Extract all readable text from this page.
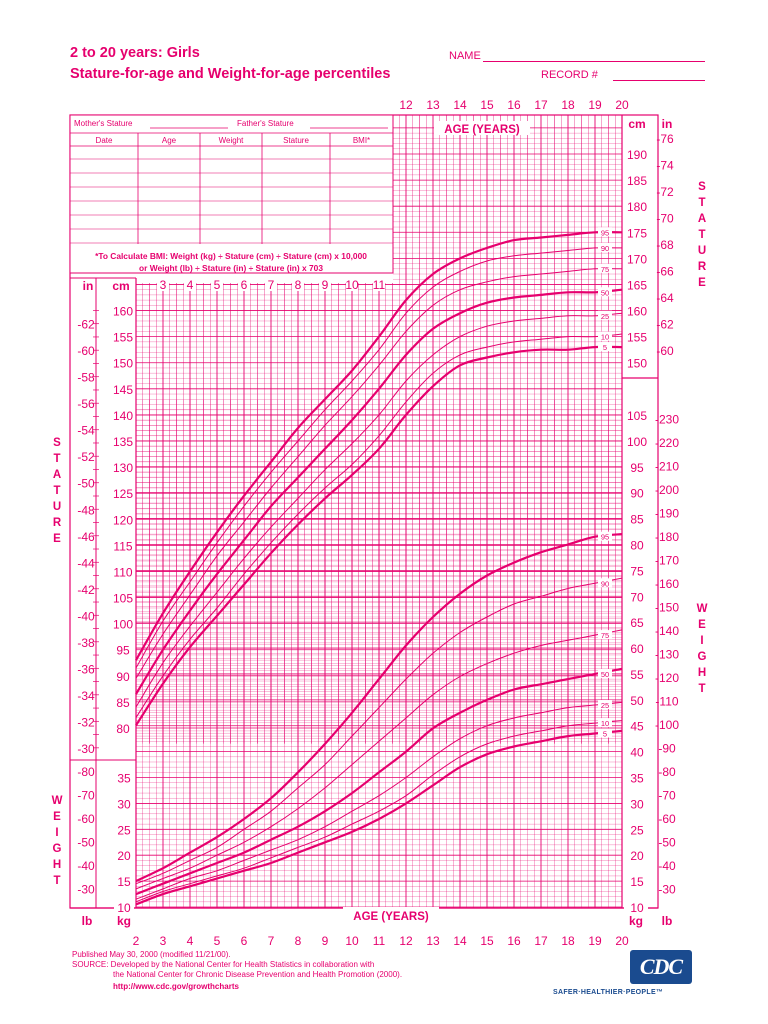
2 to 20 years: Girls
Stature-for-age and Weight-for-age percentiles
NAME
RECORD #
Mother's Stature	Father's Stature
Date	Age	Weight	Stature	BMI*
*To Calculate BMI: Weight (kg) ÷ Stature (cm) ÷ Stature (cm) x 10,000
or Weight (lb) ÷ Stature (in) ÷ Stature (in) x 703
95
90
75
50
25
10
5
95
90
75
50
25
10
5
2
3
3
4
4
5
5
6
6
7
7
8
8
9
9
10
10
11
11
12
12
13
13
14
14
15
15
16
16
17
17
18
18
19
19
20
20
AGE (YEARS)
AGE (YEARS)
in cm
cm in
lb kg	kg lb
80
85
90
95
100
105
110
115
120
125
130
135
140
145
150	150
155	155
160	160
165
170
175
180
185
190
-30
-32
-34
-36
-38
-40
-42
-44
-46
-48
-50
-52
-54
-56
-58
-60	-60
-62	-62
-64
-66
-68
-70
-72
-74
-76
10	10
15	15
20	20
25	25
30	30
35	35
40
45
50
55
60
65
70
75
80
85
90
95
100
105
-30	-30
-40	-40
-50	-50
-60	-60
-70	-70
-80	-80
-90
-100
-110
-120
-130
-140
-150
-160
-170
-180
-190
-200
-210
-220
-230
S
T
A
T
U
R
E
S
T
A
T
U
R
E
W
E
I
G
H
T
W
E
I
G
H
T
Published May 30, 2000 (modified 11/21/00).
SOURCE: Developed by the National Center for Health Statistics in collaboration with
the National Center for Chronic Disease Prevention and Health Promotion (2000).
http://www.cdc.gov/growthcharts
CDC
SAFER·HEALTHIER·PEOPLE™
